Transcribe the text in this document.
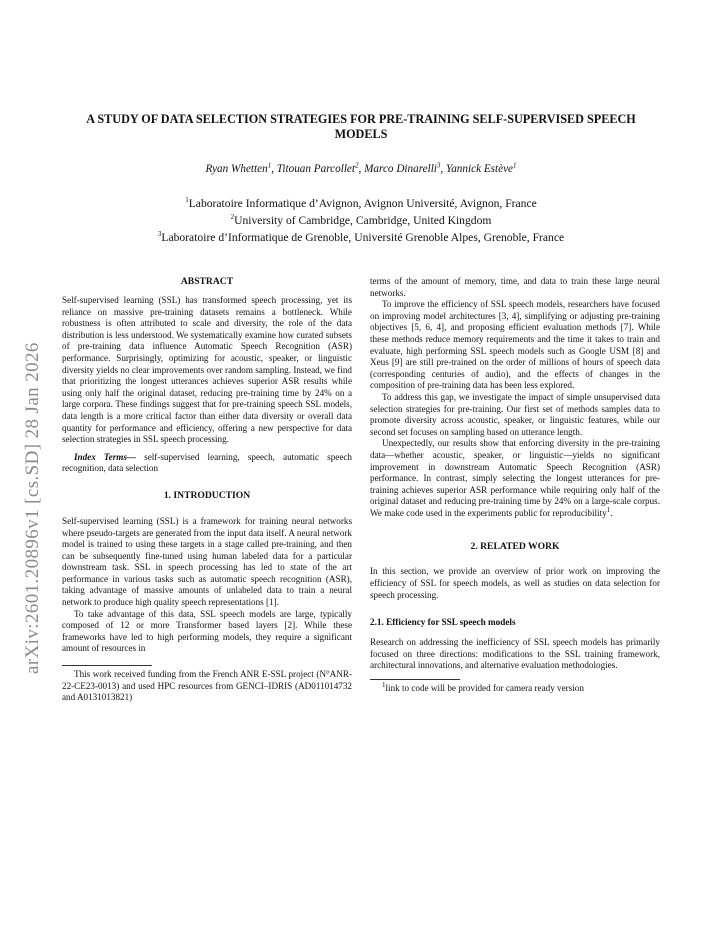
arXiv:2601.20896v1 [cs.SD] 28 Jan 2026
A STUDY OF DATA SELECTION STRATEGIES FOR PRE-TRAINING SELF-SUPERVISED SPEECH MODELS
Ryan Whetten$^1$, Titouan Parcollet$^2$, Marco Dinarelli$^3$, Yannick Estève$^1$
$^1$Laboratoire Informatique d’Avignon, Avignon Université, Avignon, France
$^2$University of Cambridge, Cambridge, United Kingdom
$^3$Laboratoire d’Informatique de Grenoble, Université Grenoble Alpes, Grenoble, France
ABSTRACT

Self-supervised learning (SSL) has transformed speech processing, yet its reliance on massive pre-training datasets remains a bottleneck. While robustness is often attributed to scale and diversity, the role of the data distribution is less understood. We systematically examine how curated subsets of pre-training data influence Automatic Speech Recognition (ASR) performance. Surprisingly, optimizing for acoustic, speaker, or linguistic diversity yields no clear improvements over random sampling. Instead, we find that prioritizing the longest utterances achieves superior ASR results while using only half the original dataset, reducing pre-training time by 24% on a large corpora. These findings suggest that for pre-training speech SSL models, data length is a more critical factor than either data diversity or overall data quantity for performance and efficiency, offering a new perspective for data selection strategies in SSL speech processing.

Index Terms— self-supervised learning, speech, automatic speech recognition, data selection

1. INTRODUCTION

Self-supervised learning (SSL) is a framework for training neural networks where pseudo-targets are generated from the input data itself. A neural network model is trained to using these targets in a stage called pre-training, and then can be subsequently fine-tuned using human labeled data for a particular downstream task. SSL in speech processing has led to state of the art performance in various tasks such as automatic speech recognition (ASR), taking advantage of massive amounts of unlabeled data to train a neural network to produce high quality speech representations [1].

To take advantage of this data, SSL speech models are large, typically composed of 12 or more Transformer based layers [2]. While these frameworks have led to high performing models, they require a significant amount of resources in

This work received funding from the French ANR E-SSL project (N°ANR-22-CE23-0013) and used HPC resources from GENCI–IDRIS (AD011014732 and A0131013821)

terms of the amount of memory, time, and data to train these large neural networks.

To improve the efficiency of SSL speech models, researchers have focused on improving model architectures [3, 4], simplifying or adjusting pre-training objectives [5, 6, 4], and proposing efficient evaluation methods [7]. While these methods reduce memory requirements and the time it takes to train and evaluate, high performing SSL speech models such as Google USM [8] and Xeus [9] are still pre-trained on the order of millions of hours of speech data (corresponding centuries of audio), and the effects of changes in the composition of pre-training data has been less explored.

To address this gap, we investigate the impact of simple unsupervised data selection strategies for pre-training. Our first set of methods samples data to promote diversity across acoustic, speaker, or linguistic features, while our second set focuses on sampling based on utterance length.

Unexpectedly, our results show that enforcing diversity in the pre-training data—whether acoustic, speaker, or linguistic—yields no significant improvement in downstream Automatic Speech Recognition (ASR) performance. In contrast, simply selecting the longest utterances for pre-training achieves superior ASR performance while requiring only half of the original dataset and reducing pre-training time by 24% on a large-scale corpus. We make code used in the experiments public for reproducibility$^1$.

2. RELATED WORK

In this section, we provide an overview of prior work on improving the efficiency of SSL for speech models, as well as studies on data selection for speech processing.

2.1. Efficiency for SSL speech models

Research on addressing the inefficiency of SSL speech models has primarily focused on three directions: modifications to the SSL training framework, architectural innovations, and alternative evaluation methodologies.

$^1$link to code will be provided for camera ready version
